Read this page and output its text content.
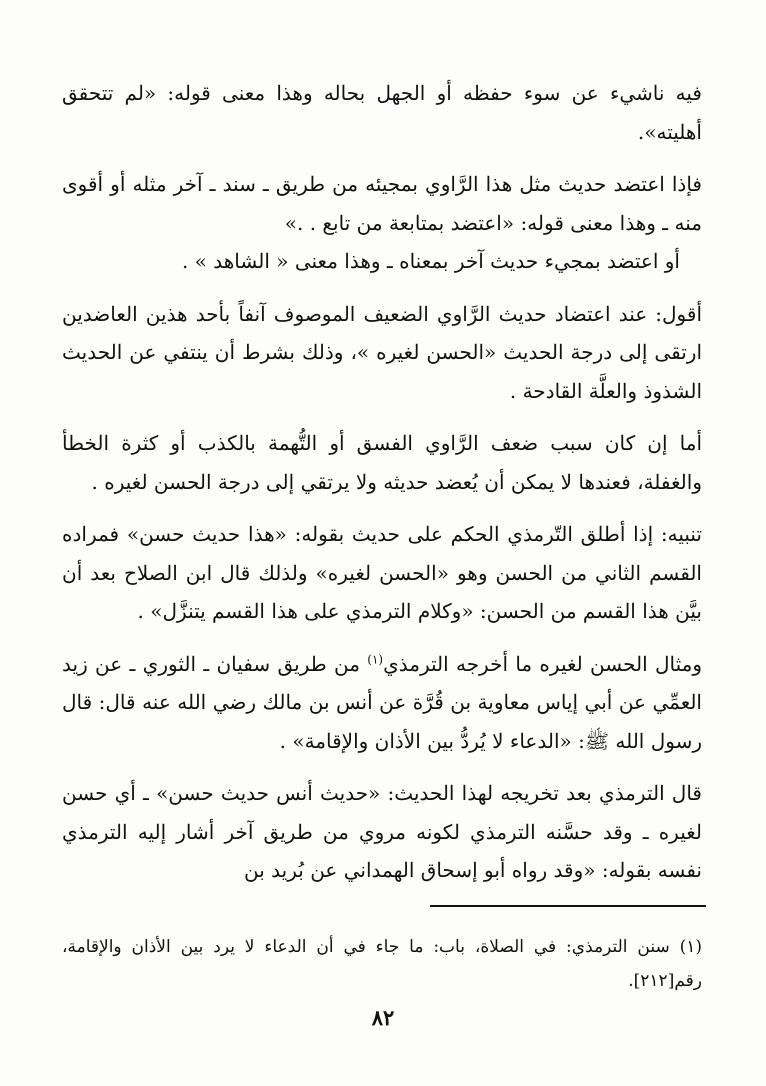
فيه ناشيء عن سوء حفظه أو الجهل بحاله وهذا معنى قوله: «لم تتحقق أهليته».

فإذا اعتضد حديث مثل هذا الرَّاوي بمجيئه من طريق ـ سند ـ آخر مثله أو أقوى منه ـ وهذا معنى قوله: «اعتضد بمتابعة من تابع . .»

أو اعتضد بمجيء حديث آخر بمعناه ـ وهذا معنى « الشاهد » .

أقول: عند اعتضاد حديث الرَّاوي الضعيف الموصوف آنفاً بأحد هذين العاضدين ارتقى إلى درجة الحديث «الحسن لغيره »، وذلك بشرط أن ينتفي عن الحديث الشذوذ والعلَّة القادحة .

أما إن كان سبب ضعف الرَّاوي الفسق أو التُّهمة بالكذب أو كثرة الخطأ والغفلة، فعندها لا يمكن أن يُعضد حديثه ولا يرتقي إلى درجة الحسن لغيره .

تنبيه: إذا أطلق التّرمذي الحكم على حديث بقوله: «هذا حديث حسن» فمراده القسم الثاني من الحسن وهو «الحسن لغيره» ولذلك قال ابن الصلاح بعد أن بيَّن هذا القسم من الحسن: «وكلام الترمذي على هذا القسم يتنزَّل» .

ومثال الحسن لغيره ما أخرجه الترمذي$^{(١)}$ من طريق سفيان ـ الثوري ـ عن زيد العمِّي عن أبي إياس معاوية بن قُرَّة عن أنس بن مالك رضي الله عنه قال: قال رسول الله ﷺ: «الدعاء لا يُردُّ بين الأذان والإقامة» .

قال الترمذي بعد تخريجه لهذا الحديث: «حديث أنس حديث حسن» ـ أي حسن لغيره ـ وقد حسَّنه الترمذي لكونه مروي من طريق آخر أشار إليه الترمذي نفسه بقوله: «وقد رواه أبو إسحاق الهمداني عن بُريد بن

(١) سنن الترمذي: في الصلاة، باب: ما جاء في أن الدعاء لا يرد بين الأذان والإقامة، رقم[٢١٢].

٨٢
